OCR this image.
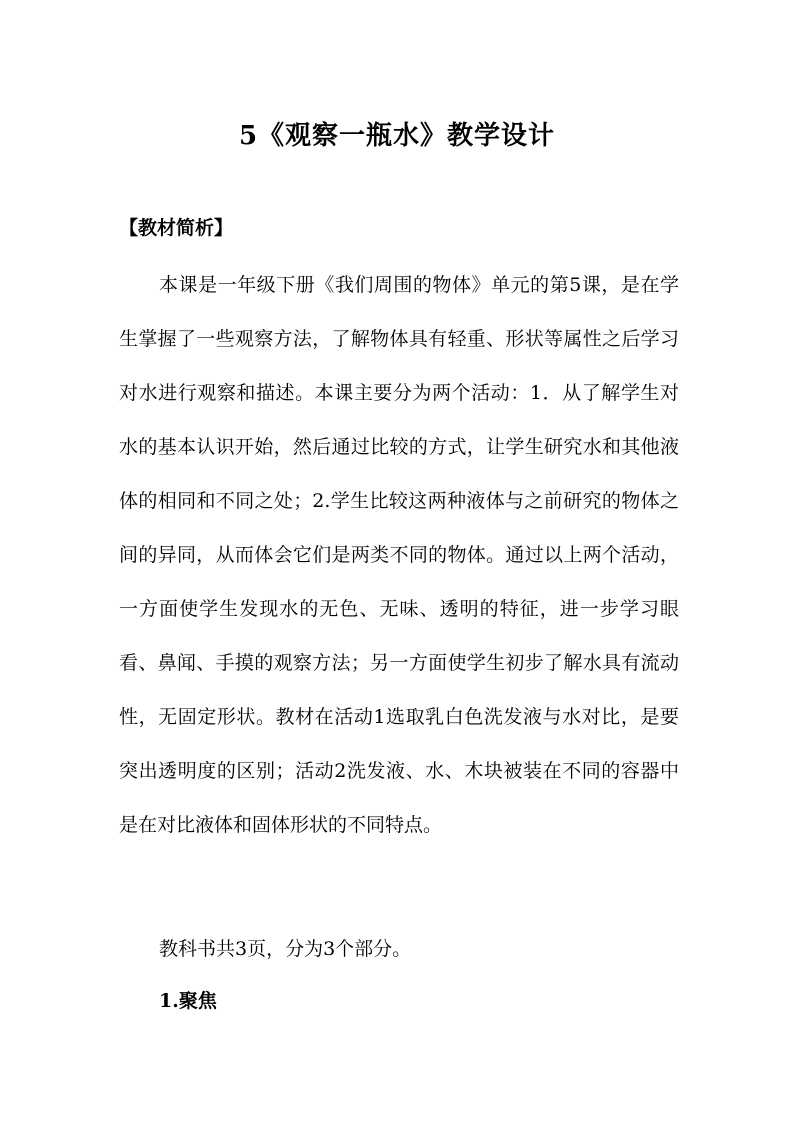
5《观察一瓶水》教学设计
【教材简析】

本课是一年级下册《我们周围的物体》单元的第5课，是在学生掌握了一些观察方法，了解物体具有轻重、形状等属性之后学习对水进行观察和描述。本课主要分为两个活动：1．从了解学生对水的基本认识开始，然后通过比较的方式，让学生研究水和其他液体的相同和不同之处；2.学生比较这两种液体与之前研究的物体之间的异同，从而体会它们是两类不同的物体。通过以上两个活动，一方面使学生发现水的无色、无味、透明的特征，进一步学习眼看、鼻闻、手摸的观察方法；另一方面使学生初步了解水具有流动性，无固定形状。教材在活动1选取乳白色洗发液与水对比，是要突出透明度的区别；活动2洗发液、水、木块被装在不同的容器中是在对比液体和固体形状的不同特点。

教科书共3页，分为3个部分。

1.聚焦
